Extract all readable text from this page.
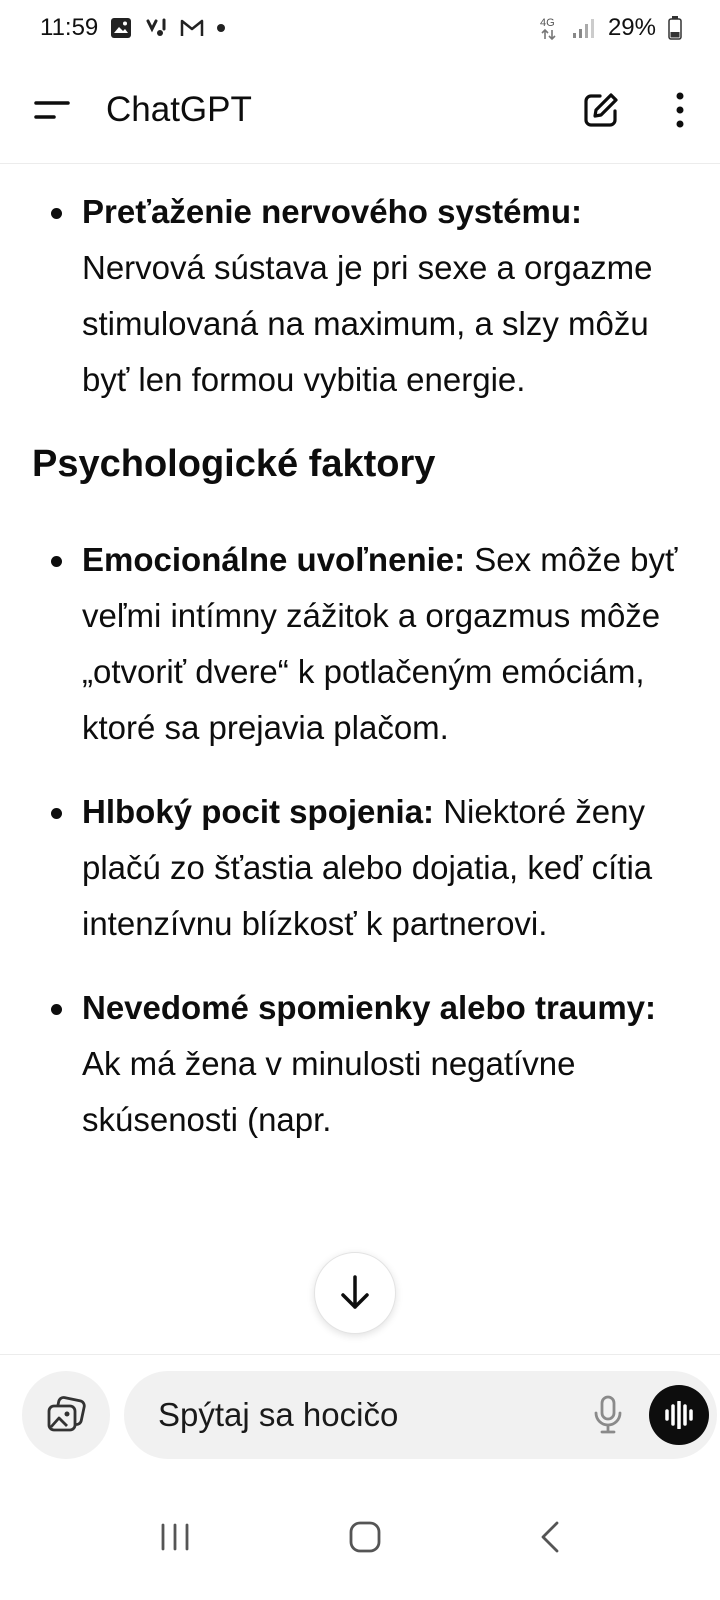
11:59	4G 29%
ChatGPT
Preťaženie nervového systému: Nervová sústava je pri sexe a orgazme stimulovaná na maximum, a slzy môžu byť len formou vybitia energie.
Psychologické faktory
Emocionálne uvoľnenie: Sex môže byť veľmi intímny zážitok a orgazmus môže „otvoriť dvere“ k potlačeným emóciám, ktoré sa prejavia plačom.
Hlboký pocit spojenia: Niektoré ženy plačú zo šťastia alebo dojatia, keď cítia intenzívnu blízkosť k partnerovi.
Nevedomé spomienky alebo traumy: Ak má žena v minulosti negatívne skúsenosti (napr.
Spýtaj sa hocičo
